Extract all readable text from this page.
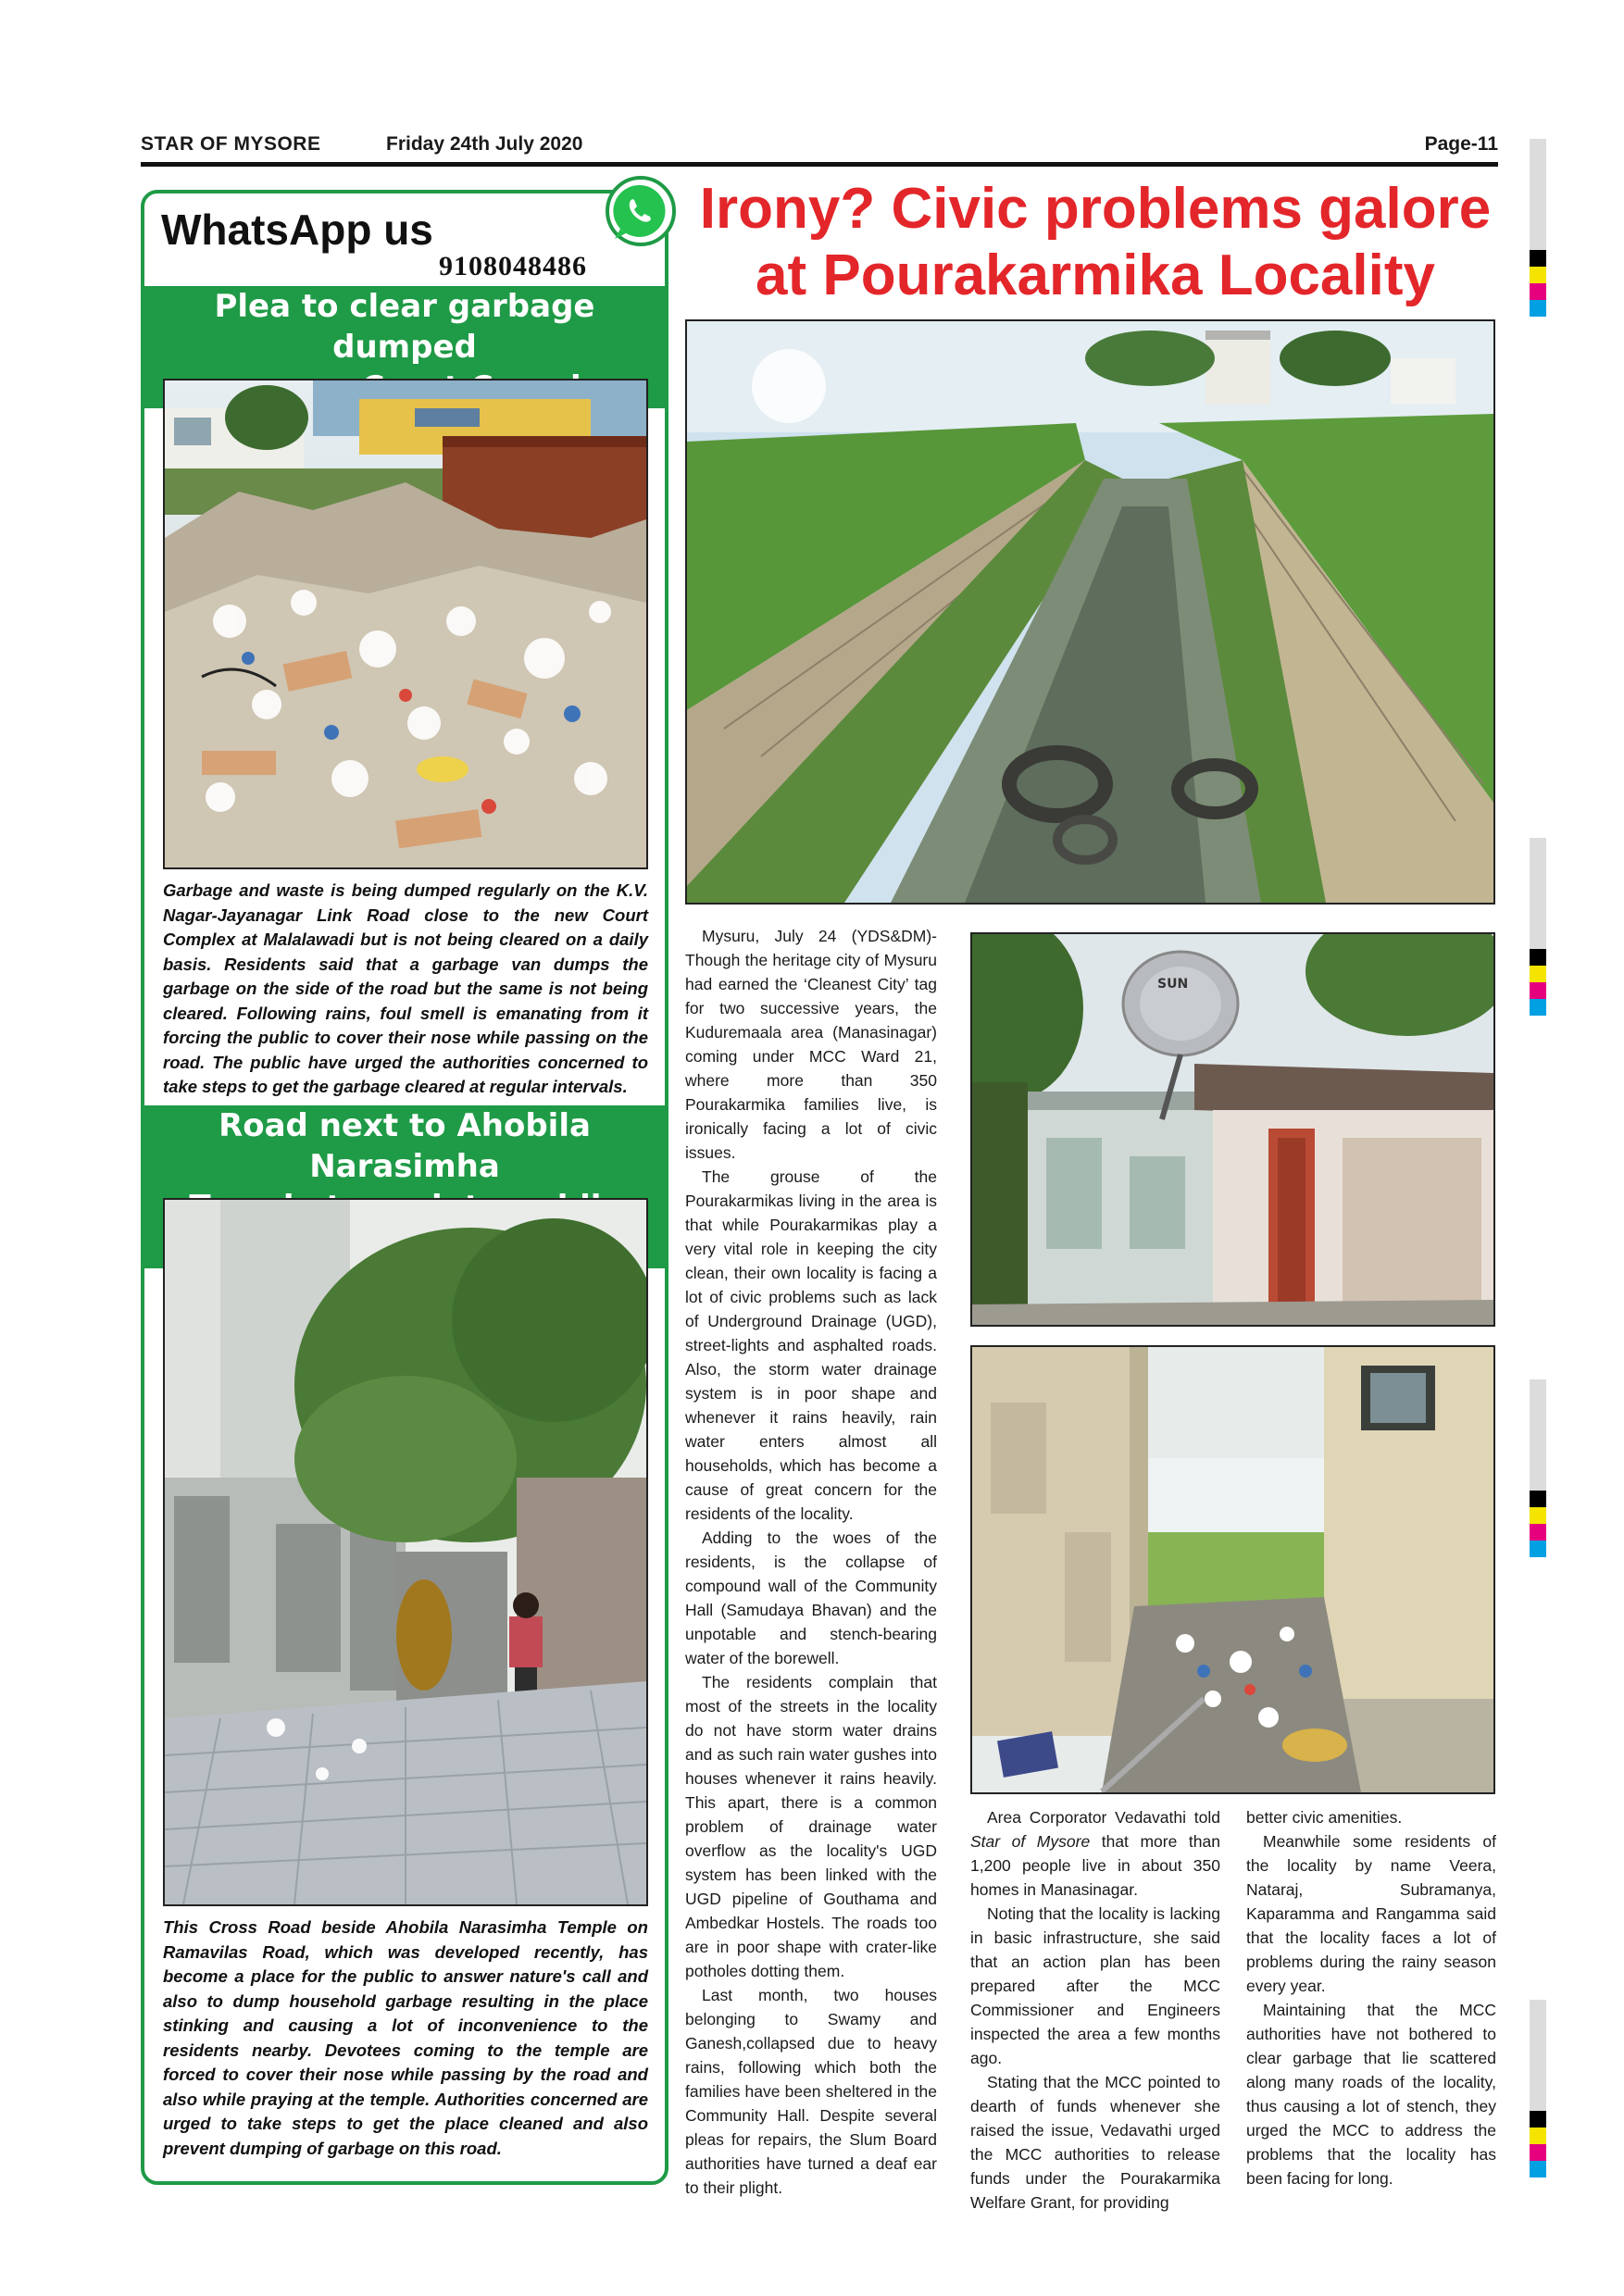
STAR OF MYSORE	Friday 24th July 2020	Page-11
WhatsApp us
9108048486
Plea to clear garbage dumped
Garbage and waste is being dumped regularly on the K.V. Nagar-Jayanagar Link Road close to the new Court Complex at Malalawadi but is not being cleared on a daily basis. Residents said that a garbage van dumps the garbage on the side of the road but the same is not being cleared. Following rains, foul smell is emanating from it forcing the public to cover their nose while passing on the road. The public have urged the authorities concerned to take steps to get the garbage cleared at regular intervals.
Road next to Ahobila Narasimha
This Cross Road beside Ahobila Narasimha Temple on Ramavilas Road, which was developed recently, has become a place for the public to answer nature's call and also to dump household garbage resulting in the place stinking and causing a lot of inconvenience to the residents nearby. Devotees coming to the temple are forced to cover their nose while passing by the road and also while praying at the temple. Authorities concerned are urged to take steps to get the place cleaned and also prevent dumping of garbage on this road.
Irony? Civic problems galore
at Pourakarmika Locality
SUN

Mysuru, July 24 (YDS&DM)- Though the heritage city of Mysuru had earned the ‘Cleanest City’ tag for two successive years, the Kuduremaala area (Manasinagar) coming under MCC Ward 21, where more than 350 Pourakarmika families live, is ironically facing a lot of civic issues.

The grouse of the Pourakarmikas living in the area is that while Pourakarmikas play a very vital role in keeping the city clean, their own locality is facing a lot of civic problems such as lack of Underground Drainage (UGD), street-lights and asphalted roads. Also, the storm water drainage system is in poor shape and whenever it rains heavily, rain water enters almost all households, which has become a cause of great concern for the residents of the locality.

Adding to the woes of the residents, is the collapse of compound wall of the Community Hall (Samudaya Bhavan) and the unpotable and stench-bearing water of the borewell.

The residents complain that most of the streets in the locality do not have storm water drains and as such rain water gushes into houses whenever it rains heavily. This apart, there is a common problem of drainage water overflow as the locality's UGD system has been linked with the UGD pipeline of Gouthama and Ambedkar Hostels. The roads too are in poor shape with crater-like potholes dotting them.

Last month, two houses belonging to Swamy and Ganesh,collapsed due to heavy rains, following which both the families have been sheltered in the Community Hall. Despite several pleas for repairs, the Slum Board authorities have turned a deaf ear to their plight.

Area Corporator Vedavathi told Star of Mysore that more than 1,200 people live in about 350 homes in Manasinagar.

Noting that the locality is lacking in basic infrastructure, she said that an action plan has been prepared after the MCC Commissioner and Engineers inspected the area a few months ago.

Stating that the MCC pointed to dearth of funds whenever she raised the issue, Vedavathi urged the MCC authorities to release funds under the Pourakarmika Welfare Grant, for providing

better civic amenities.

Meanwhile some residents of the locality by name Veera, Nataraj, Subramanya, Kaparamma and Rangamma said that the locality faces a lot of problems during the rainy season every year.

Maintaining that the MCC authorities have not bothered to clear garbage that lie scattered along many roads of the locality, thus causing a lot of stench, they urged the MCC to address the problems that the locality has been facing for long.
